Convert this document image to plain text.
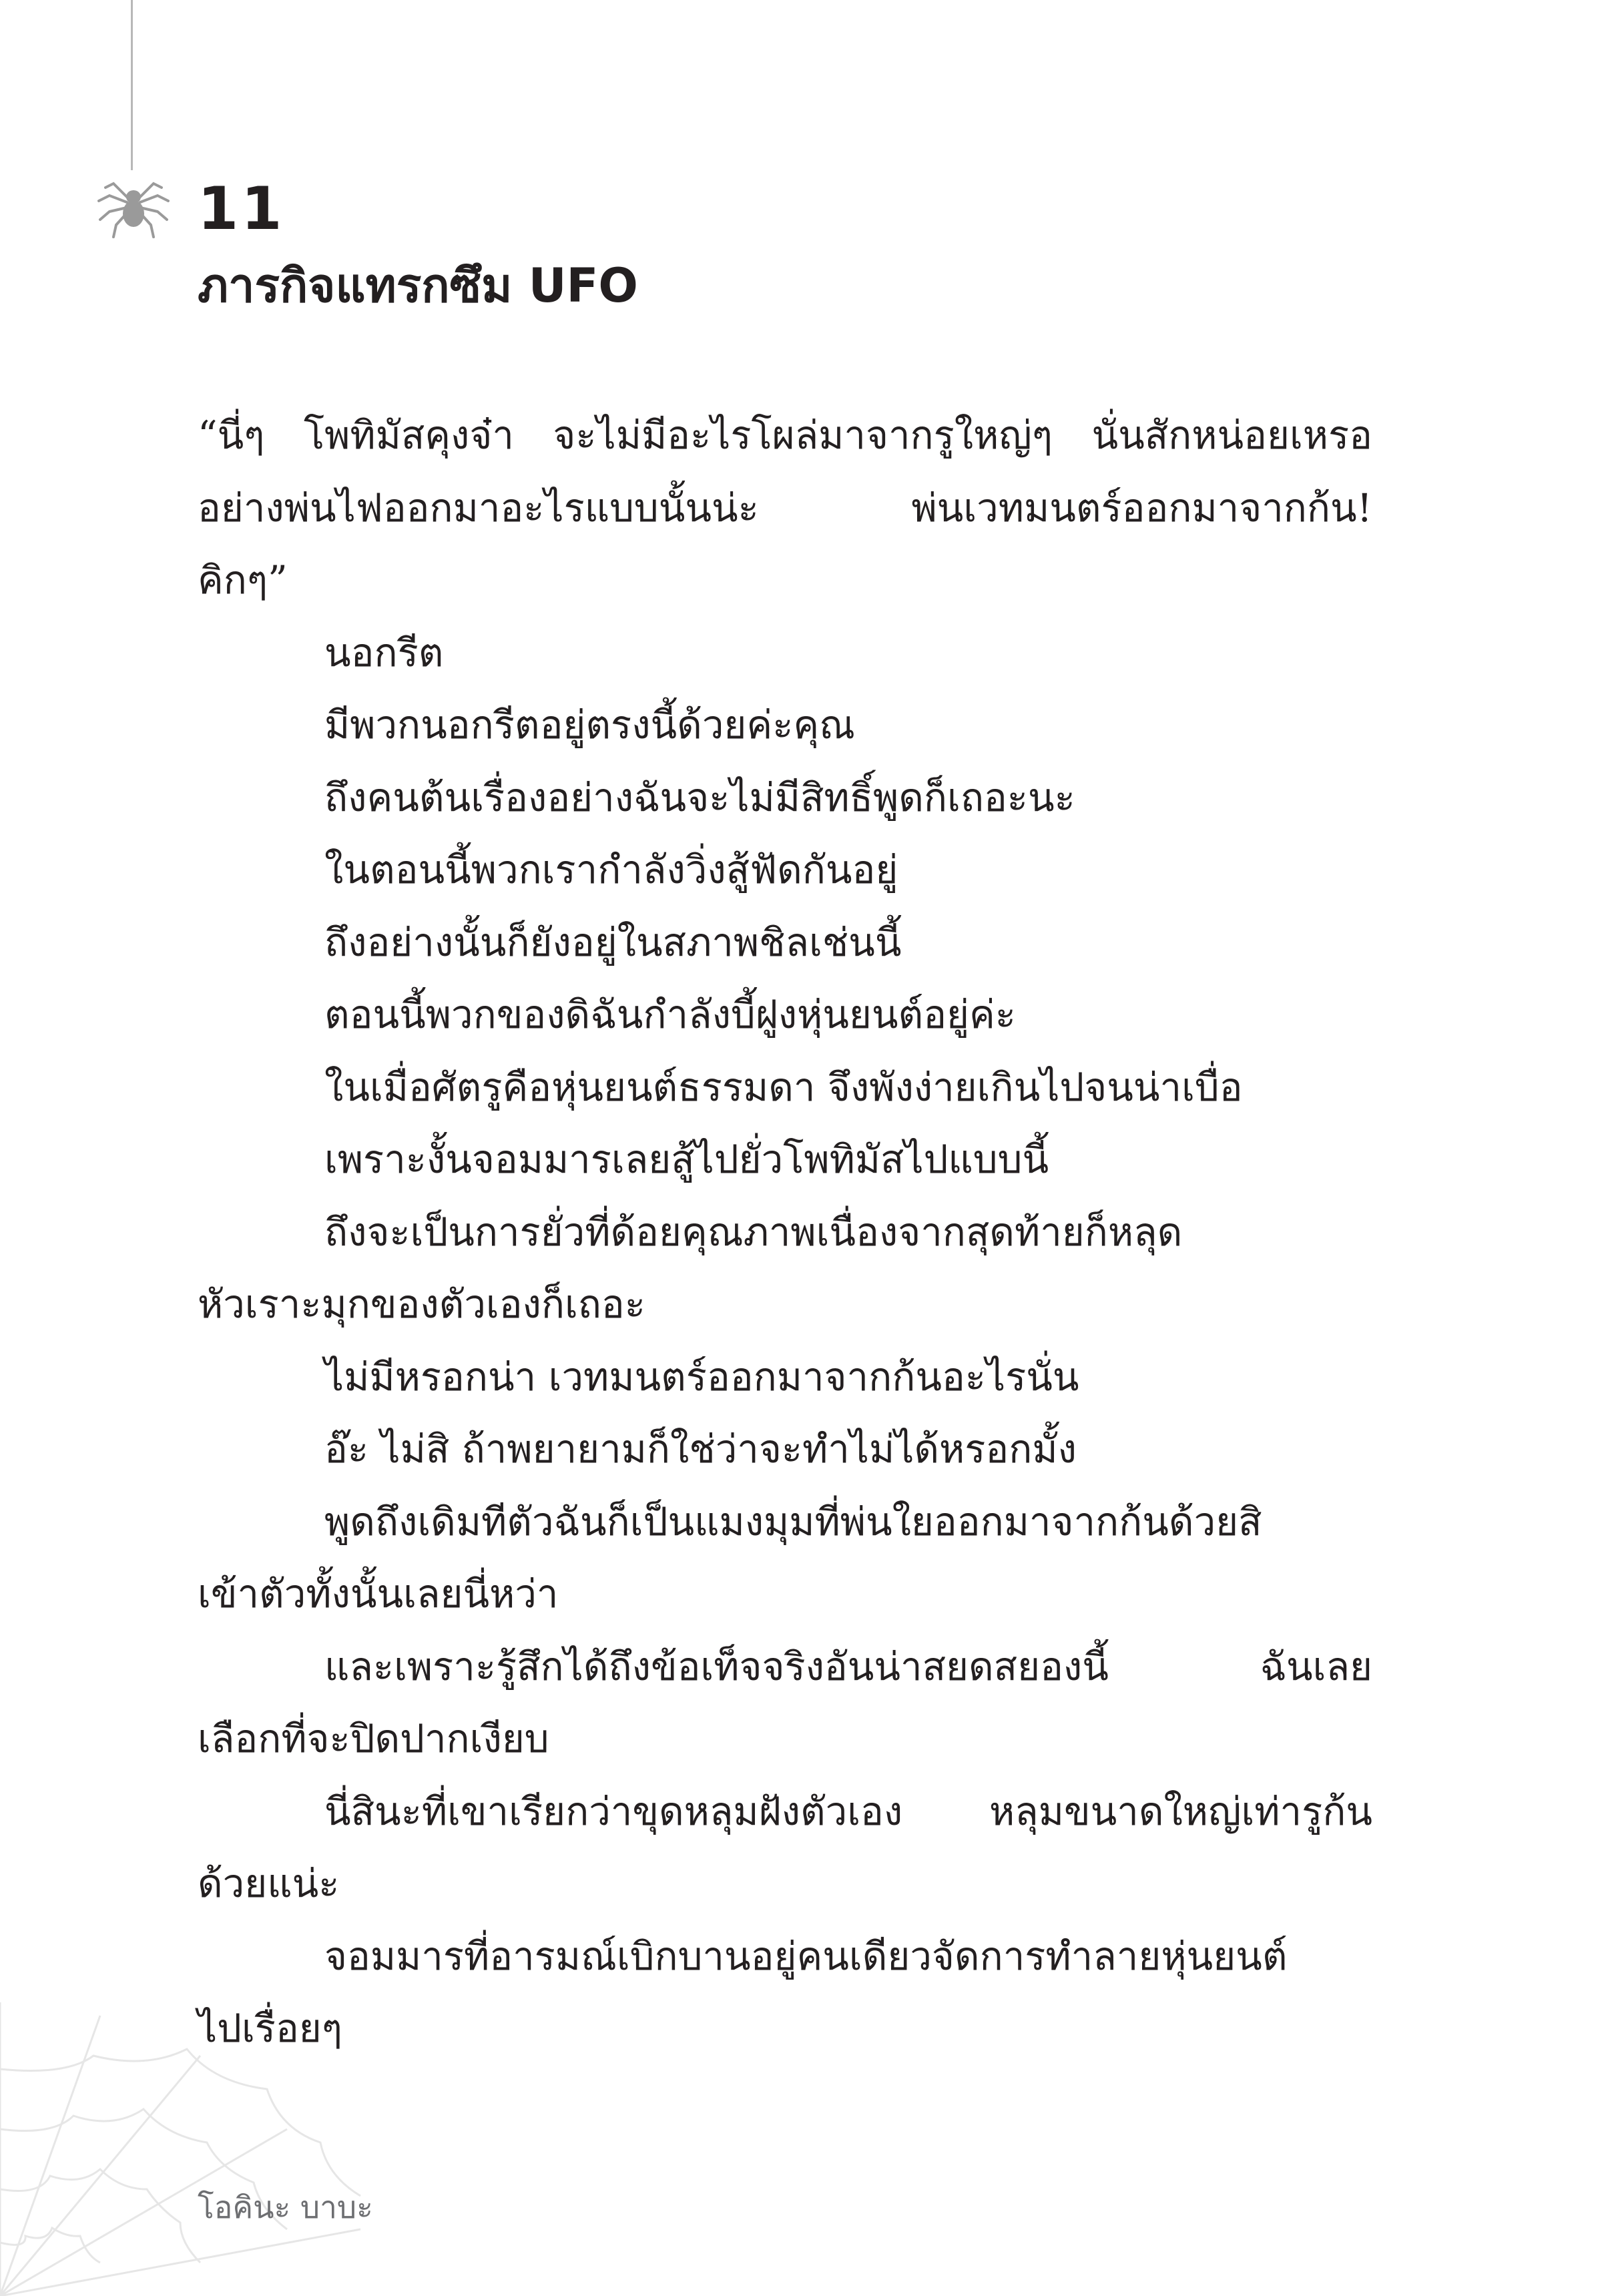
11
ภารกิจแทรกซึม UFO
“นี่ๆ โพทิมัสคุงจ๋า จะไม่มีอะไรโผล่มาจากรูใหญ่ๆ นั่นสักหน่อยเหรอ
อย่างพ่นไฟออกมาอะไรแบบนั้นน่ะ พ่นเวทมนตร์ออกมาจากก้น!
คิกๆ”
นอกรีต
มีพวกนอกรีตอยู่ตรงนี้ด้วยค่ะคุณ
ถึงคนต้นเรื่องอย่างฉันจะไม่มีสิทธิ์พูดก็เถอะนะ
ในตอนนี้พวกเรากำลังวิ่งสู้ฟัดกันอยู่
ถึงอย่างนั้นก็ยังอยู่ในสภาพชิลเช่นนี้
ตอนนี้พวกของดิฉันกำลังบี้ฝูงหุ่นยนต์อยู่ค่ะ
ในเมื่อศัตรูคือหุ่นยนต์ธรรมดา จึงพังง่ายเกินไปจนน่าเบื่อ
เพราะงั้นจอมมารเลยสู้ไปยั่วโพทิมัสไปแบบนี้
ถึงจะเป็นการยั่วที่ด้อยคุณภาพเนื่องจากสุดท้ายก็หลุด
หัวเราะมุกของตัวเองก็เถอะ
ไม่มีหรอกน่า เวทมนตร์ออกมาจากก้นอะไรนั่น
อ๊ะ ไม่สิ ถ้าพยายามก็ใช่ว่าจะทำไม่ได้หรอกมั้ง
พูดถึงเดิมทีตัวฉันก็เป็นแมงมุมที่พ่นใยออกมาจากก้นด้วยสิ
เข้าตัวทั้งนั้นเลยนี่หว่า
และเพราะรู้สึกได้ถึงข้อเท็จจริงอันน่าสยดสยองนี้ ฉันเลย
เลือกที่จะปิดปากเงียบ
นี่สินะที่เขาเรียกว่าขุดหลุมฝังตัวเอง หลุมขนาดใหญ่เท่ารูก้น
ด้วยแน่ะ
จอมมารที่อารมณ์เบิกบานอยู่คนเดียวจัดการทำลายหุ่นยนต์
ไปเรื่อยๆ
โอคินะ บาบะ
